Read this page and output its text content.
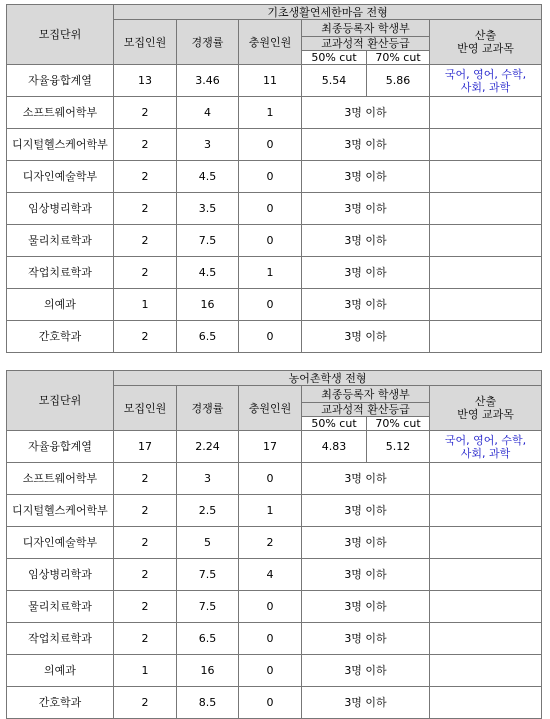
모집단위	기초생활연세한마음 전형					
	모집인원	경쟁률	충원인원	최종등록자 학생부		산출
반영 교과목

				교과성적 환산등급		
				50% cut	70% cut	
자율융합계열	13	3.46	11	5.54	5.86	국어, 영어, 수학,
사회, 과학

소프트웨어학부	2	4	1	3명 이하		
디지털헬스케어학부	2	3	0	3명 이하		
디자인예술학부	2	4.5	0	3명 이하		
임상병리학과	2	3.5	0	3명 이하		
물리치료학과	2	7.5	0	3명 이하		
작업치료학과	2	4.5	1	3명 이하		
의예과	1	16	0	3명 이하		
간호학과	2	6.5	0	3명 이하		
모집단위	농어촌학생 전형					
	모집인원	경쟁률	충원인원	최종등록자 학생부		산출
반영 교과목

				교과성적 환산등급		
				50% cut	70% cut	
자율융합계열	17	2.24	17	4.83	5.12	국어, 영어, 수학,
사회, 과학

소프트웨어학부	2	3	0	3명 이하		
디지털헬스케어학부	2	2.5	1	3명 이하		
디자인예술학부	2	5	2	3명 이하		
임상병리학과	2	7.5	4	3명 이하		
물리치료학과	2	7.5	0	3명 이하		
작업치료학과	2	6.5	0	3명 이하		
의예과	1	16	0	3명 이하		
간호학과	2	8.5	0	3명 이하		
